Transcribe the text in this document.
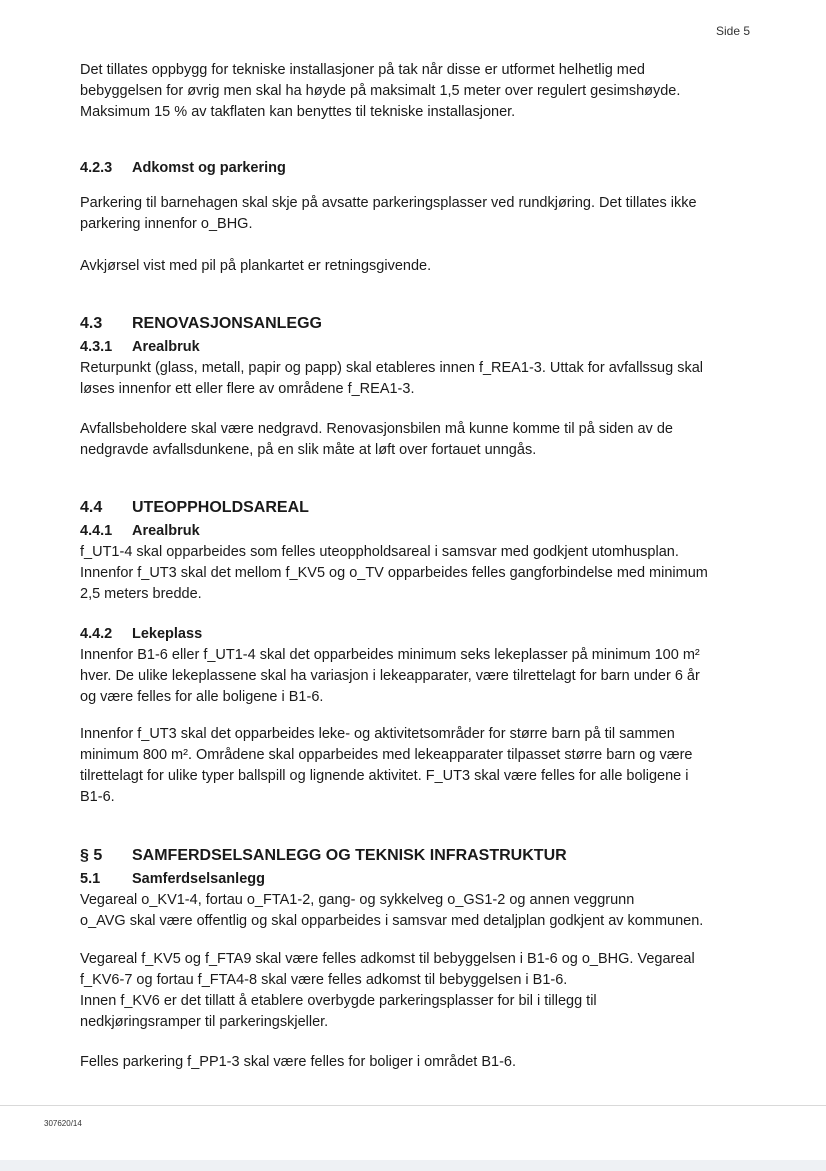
Side 5

Det tillates oppbygg for tekniske installasjoner på tak når disse er utformet helhetlig med

bebyggelsen for øvrig men skal ha høyde på maksimalt 1,5 meter over regulert gesimshøyde.

Maksimum 15 % av takflaten kan benyttes til tekniske installasjoner.

4.2.3 Adkomst og parkering

Parkering til barnehagen skal skje på avsatte parkeringsplasser ved rundkjøring. Det tillates ikke

parkering innenfor o_BHG.

Avkjørsel vist med pil på plankartet er retningsgivende.

4.3 RENOVASJONSANLEGG
4.3.1 Arealbruk

Returpunkt (glass, metall, papir og papp) skal etableres innen f_REA1-3. Uttak for avfallssug skal

løses innenfor ett eller flere av områdene f_REA1-3.

Avfallsbeholdere skal være nedgravd. Renovasjonsbilen må kunne komme til på siden av de

nedgravde avfallsdunkene, på en slik måte at løft over fortauet unngås.

4.4 UTEOPPHOLDSAREAL
4.4.1 Arealbruk

f_UT1-4 skal opparbeides som felles uteoppholdsareal i samsvar med godkjent utomhusplan.

Innenfor f_UT3 skal det mellom f_KV5 og o_TV opparbeides felles gangforbindelse med minimum

2,5 meters bredde.

4.4.2 Lekeplass

Innenfor B1-6 eller f_UT1-4 skal det opparbeides minimum seks lekeplasser på minimum 100 m²

hver. De ulike lekeplassene skal ha variasjon i lekeapparater, være tilrettelagt for barn under 6 år

og være felles for alle boligene i B1-6.

Innenfor f_UT3 skal det opparbeides leke- og aktivitetsområder for større barn på til sammen

minimum 800 m². Områdene skal opparbeides med lekeapparater tilpasset større barn og være

tilrettelagt for ulike typer ballspill og lignende aktivitet. F_UT3 skal være felles for alle boligene i

B1-6.

§ 5 SAMFERDSELSANLEGG OG TEKNISK INFRASTRUKTUR
5.1 Samferdselsanlegg

Vegareal o_KV1-4, fortau o_FTA1-2, gang- og sykkelveg o_GS1-2 og annen veggrunn

o_AVG skal være offentlig og skal opparbeides i samsvar med detaljplan godkjent av kommunen.

Vegareal f_KV5 og f_FTA9 skal være felles adkomst til bebyggelsen i B1-6 og o_BHG. Vegareal

f_KV6-7 og fortau f_FTA4-8 skal være felles adkomst til bebyggelsen i B1-6.

Innen f_KV6 er det tillatt å etablere overbygde parkeringsplasser for bil i tillegg til

nedkjøringsramper til parkeringskjeller.

Felles parkering f_PP1-3 skal være felles for boliger i området B1-6.

307620/14
